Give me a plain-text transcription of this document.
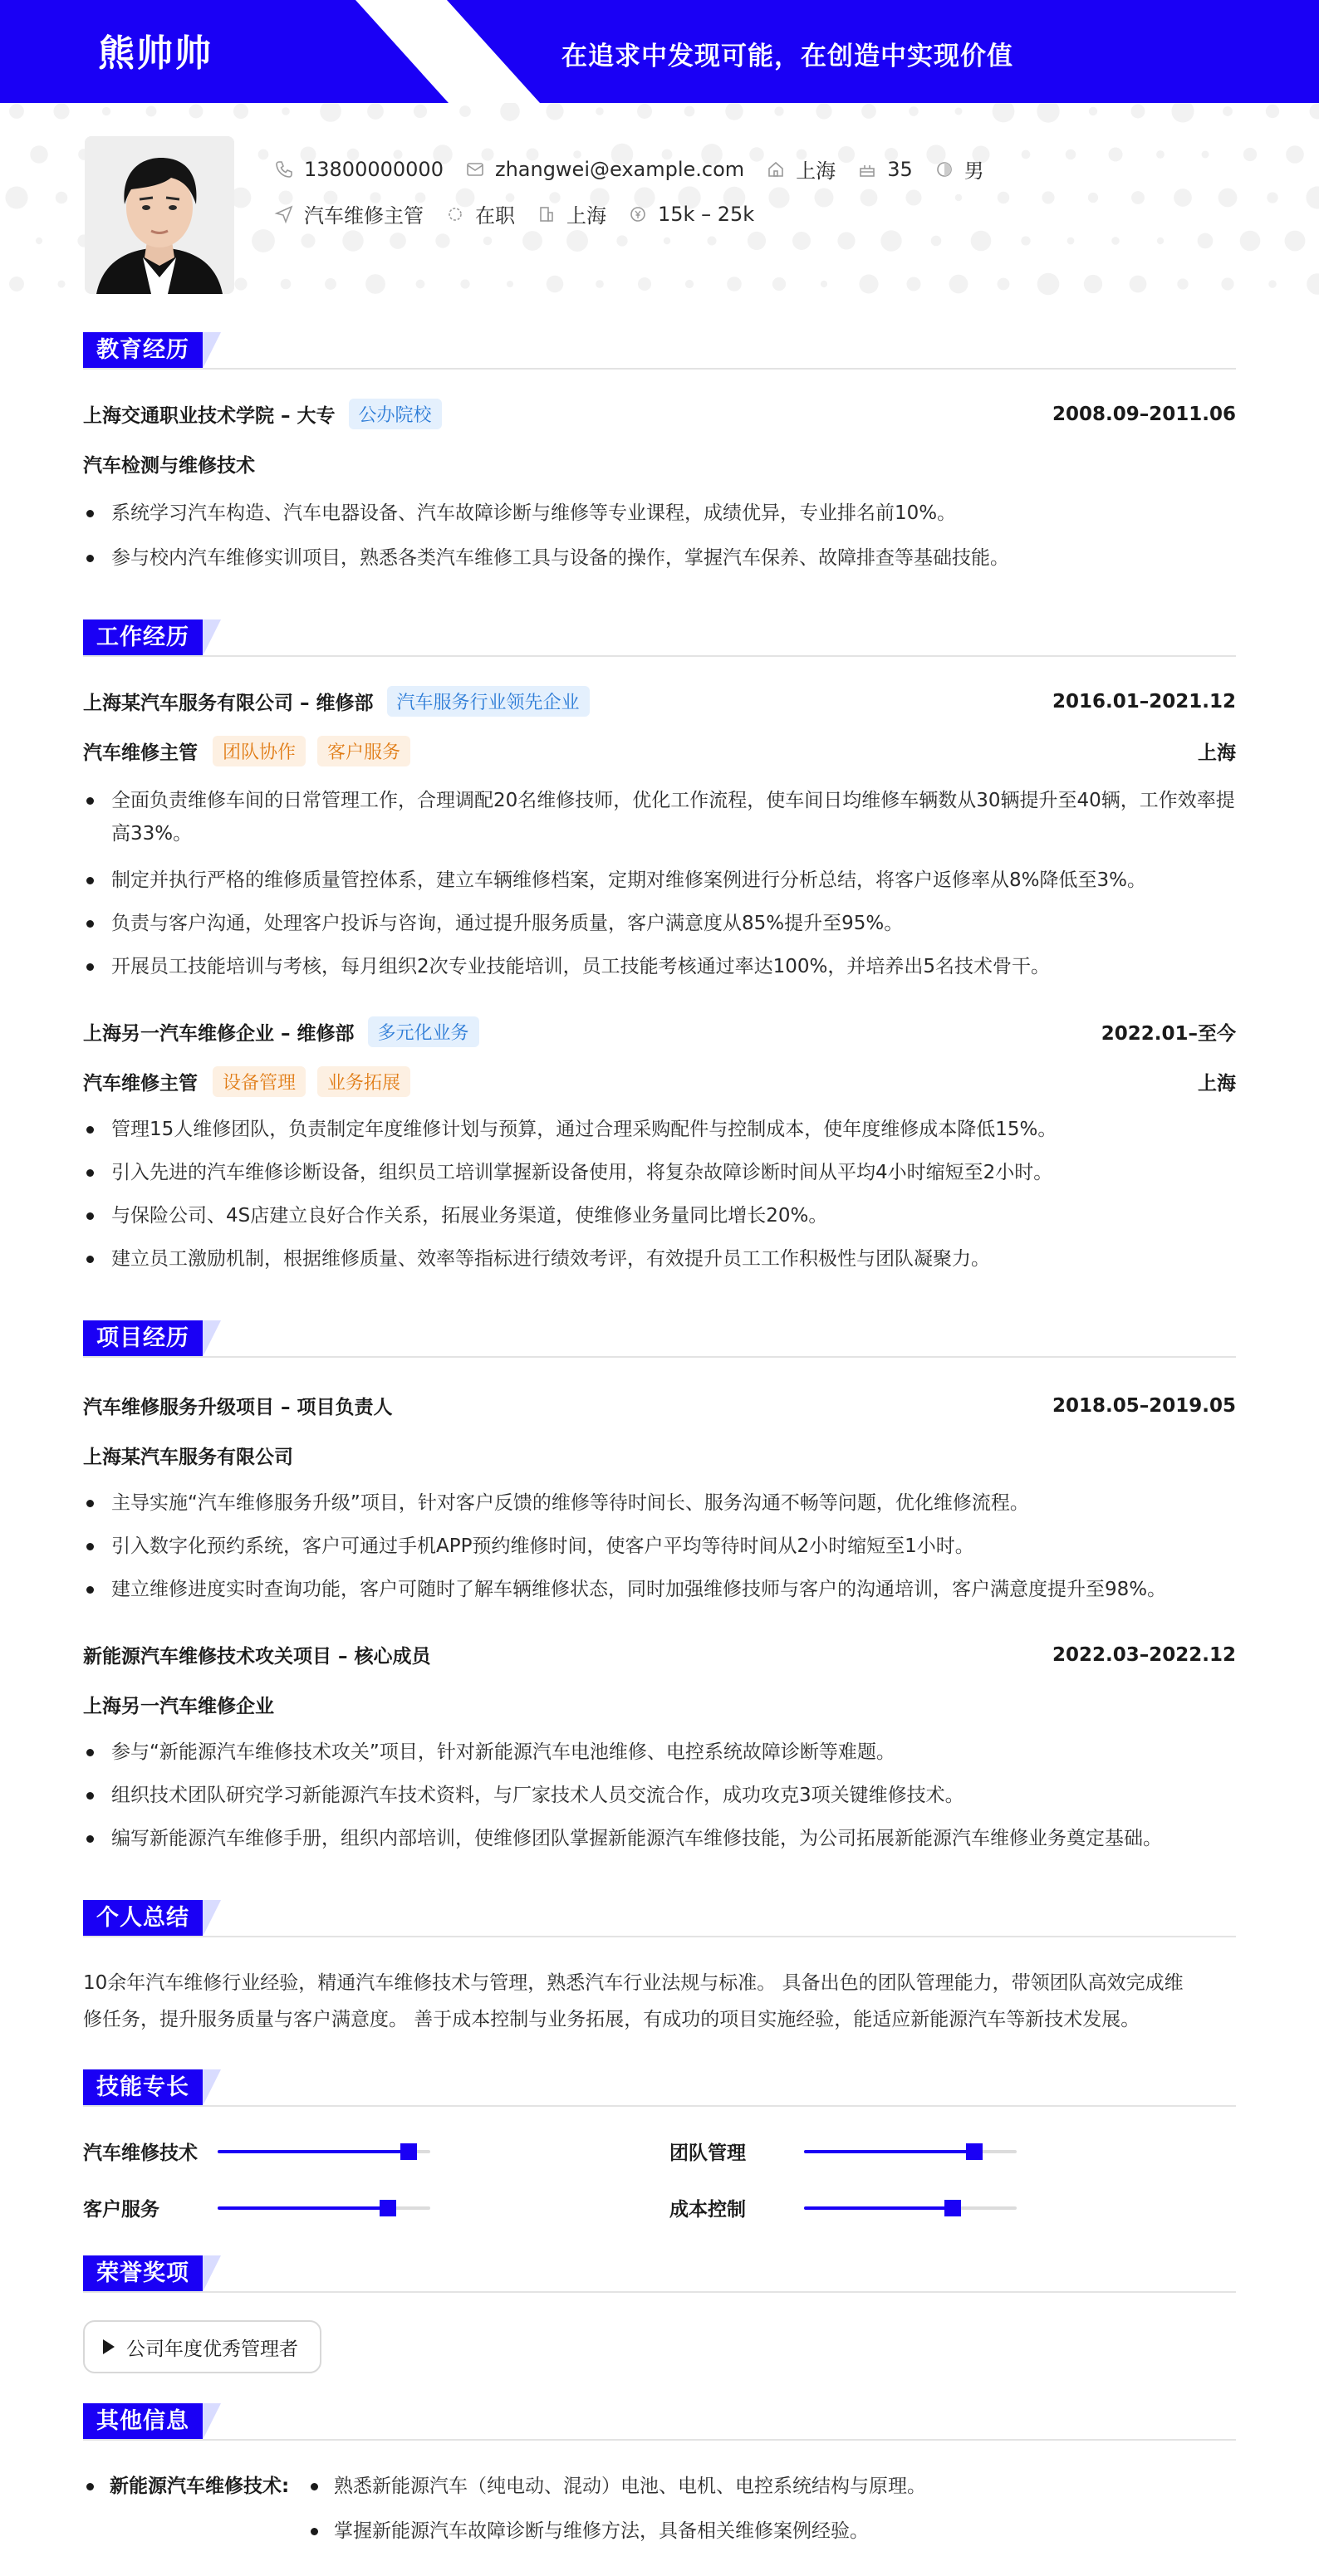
熊帅帅	在追求中发现可能，在创造中实现价值
13800000000	zhangwei@example.com	上海	35	男
汽车维修主管	在职	上海	15k – 25k
教育经历
上海交通职业技术学院 – 大专	公办院校	2008.09–2011.06
汽车检测与维修技术
系统学习汽车构造、汽车电器设备、汽车故障诊断与维修等专业课程，成绩优异，专业排名前10%。
参与校内汽车维修实训项目，熟悉各类汽车维修工具与设备的操作，掌握汽车保养、故障排查等基础技能。
工作经历
上海某汽车服务有限公司 – 维修部	汽车服务行业领先企业	2016.01–2021.12
汽车维修主管	团队协作	客户服务	上海
全面负责维修车间的日常管理工作，合理调配20名维修技师，优化工作流程，使车间日均维修车辆数从30辆提升至40辆，工作效率提高33%。
制定并执行严格的维修质量管控体系，建立车辆维修档案，定期对维修案例进行分析总结，将客户返修率从8%降低至3%。
负责与客户沟通，处理客户投诉与咨询，通过提升服务质量，客户满意度从85%提升至95%。
开展员工技能培训与考核，每月组织2次专业技能培训，员工技能考核通过率达100%，并培养出5名技术骨干。
上海另一汽车维修企业 – 维修部	多元化业务	2022.01–至今
汽车维修主管	设备管理	业务拓展	上海
管理15人维修团队，负责制定年度维修计划与预算，通过合理采购配件与控制成本，使年度维修成本降低15%。
引入先进的汽车维修诊断设备，组织员工培训掌握新设备使用，将复杂故障诊断时间从平均4小时缩短至2小时。
与保险公司、4S店建立良好合作关系，拓展业务渠道，使维修业务量同比增长20%。
建立员工激励机制，根据维修质量、效率等指标进行绩效考评，有效提升员工工作积极性与团队凝聚力。
项目经历
汽车维修服务升级项目 – 项目负责人	2018.05–2019.05
上海某汽车服务有限公司
主导实施“汽车维修服务升级”项目，针对客户反馈的维修等待时间长、服务沟通不畅等问题，优化维修流程。
引入数字化预约系统，客户可通过手机APP预约维修时间，使客户平均等待时间从2小时缩短至1小时。
建立维修进度实时查询功能，客户可随时了解车辆维修状态，同时加强维修技师与客户的沟通培训，客户满意度提升至98%。
新能源汽车维修技术攻关项目 – 核心成员	2022.03–2022.12
上海另一汽车维修企业
参与“新能源汽车维修技术攻关”项目，针对新能源汽车电池维修、电控系统故障诊断等难题。
组织技术团队研究学习新能源汽车技术资料，与厂家技术人员交流合作，成功攻克3项关键维修技术。
编写新能源汽车维修手册，组织内部培训，使维修团队掌握新能源汽车维修技能，为公司拓展新能源汽车维修业务奠定基础。
个人总结
10余年汽车维修行业经验，精通汽车维修技术与管理，熟悉汽车行业法规与标准。 具备出色的团队管理能力，带领团队高效完成维
修任务，提升服务质量与客户满意度。 善于成本控制与业务拓展，有成功的项目实施经验，能适应新能源汽车等新技术发展。
技能专长
汽车维修技术	团队管理
客户服务	成本控制
荣誉奖项
公司年度优秀管理者
其他信息
新能源汽车维修技术:	熟悉新能源汽车（纯电动、混动）电池、电机、电控系统结构与原理。
掌握新能源汽车故障诊断与维修方法，具备相关维修案例经验。
